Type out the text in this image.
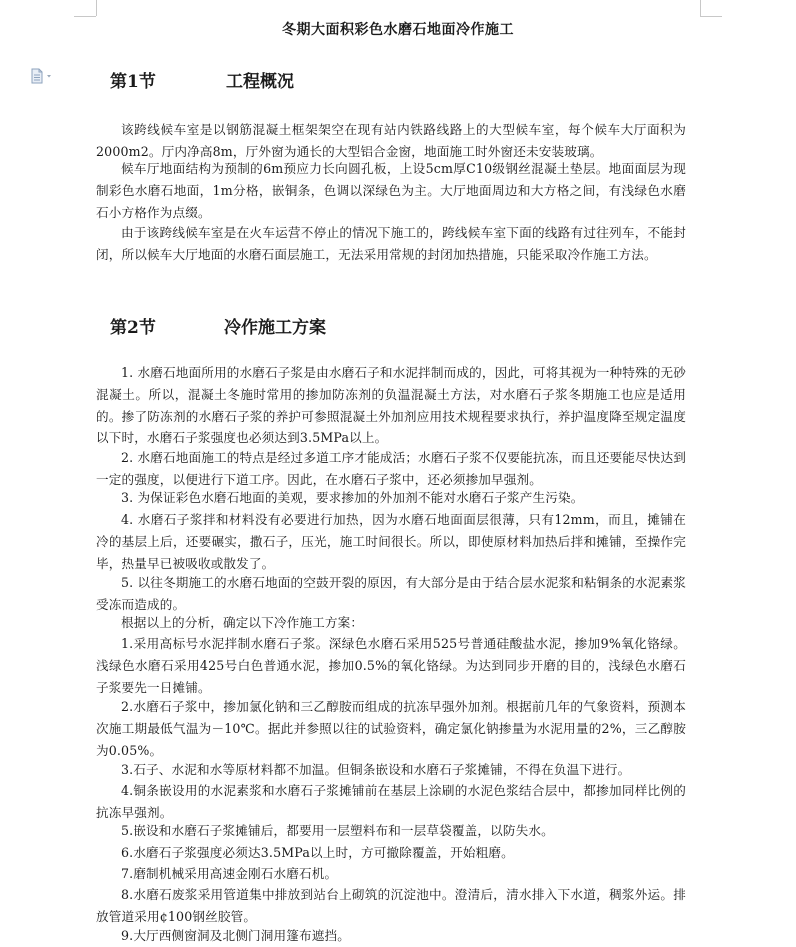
冬期大面积彩色水磨石地面冷作施工
第1节	工程概况
该跨线候车室是以钢筋混凝土框架架空在现有站内铁路线路上的大型候车室，每个候车大厅面积为2000m2。厅内净高8m，厅外窗为通长的大型铝合金窗，地面施工时外窗还未安装玻璃。
候车厅地面结构为预制的6m预应力长向圆孔板，上设5cm厚C10级钢丝混凝土垫层。地面面层为现制彩色水磨石地面，1m分格，嵌铜条，色调以深绿色为主。大厅地面周边和大方格之间，有浅绿色水磨石小方格作为点缀。
由于该跨线候车室是在火车运营不停止的情况下施工的，跨线候车室下面的线路有过往列车，不能封闭，所以候车大厅地面的水磨石面层施工，无法采用常规的封闭加热措施，只能采取冷作施工方法。
第2节	冷作施工方案
1. 水磨石地面所用的水磨石子浆是由水磨石子和水泥拌制而成的，因此，可将其视为一种特殊的无砂混凝土。所以，混凝土冬施时常用的掺加防冻剂的负温混凝土方法，对水磨石子浆冬期施工也应是适用的。掺了防冻剂的水磨石子浆的养护可参照混凝土外加剂应用技术规程要求执行，养护温度降至规定温度以下时，水磨石子浆强度也必须达到3.5MPa以上。
2. 水磨石地面施工的特点是经过多道工序才能成活；水磨石子浆不仅要能抗冻，而且还要能尽快达到一定的强度，以便进行下道工序。因此，在水磨石子浆中，还必须掺加早强剂。
3. 为保证彩色水磨石地面的美观，要求掺加的外加剂不能对水磨石子浆产生污染。
4. 水磨石子浆拌和材料没有必要进行加热，因为水磨石地面面层很薄，只有12mm，而且，摊铺在冷的基层上后，还要碾实，撒石子，压光，施工时间很长。所以，即使原材料加热后拌和摊铺，至操作完毕，热量早已被吸收或散发了。
5. 以往冬期施工的水磨石地面的空鼓开裂的原因，有大部分是由于结合层水泥浆和粘铜条的水泥素浆受冻而造成的。
根据以上的分析，确定以下冷作施工方案：
1.采用高标号水泥拌制水磨石子浆。深绿色水磨石采用525号普通硅酸盐水泥，掺加9%氧化铬绿。浅绿色水磨石采用425号白色普通水泥，掺加0.5%的氧化铬绿。为达到同步开磨的目的，浅绿色水磨石子浆要先一日摊铺。
2.水磨石子浆中，掺加氯化钠和三乙醇胺而组成的抗冻早强外加剂。根据前几年的气象资料，预测本次施工期最低气温为－10℃。据此并参照以往的试验资料，确定氯化钠掺量为水泥用量的2%，三乙醇胺为0.05%。
3.石子、水泥和水等原材料都不加温。但铜条嵌设和水磨石子浆摊铺，不得在负温下进行。
4.铜条嵌设用的水泥素浆和水磨石子浆摊铺前在基层上涂刷的水泥色浆结合层中，都掺加同样比例的抗冻早强剂。
5.嵌设和水磨石子浆摊铺后，都要用一层塑料布和一层草袋覆盖，以防失水。
6.水磨石子浆强度必须达3.5MPa以上时，方可撤除覆盖，开始粗磨。
7.磨制机械采用高速金刚石水磨石机。
8.水磨石废浆采用管道集中排放到站台上砌筑的沉淀池中。澄清后，清水排入下水道，稠浆外运。排放管道采用¢100钢丝胶管。
9.大厅西侧窗洞及北侧门洞用篷布遮挡。
